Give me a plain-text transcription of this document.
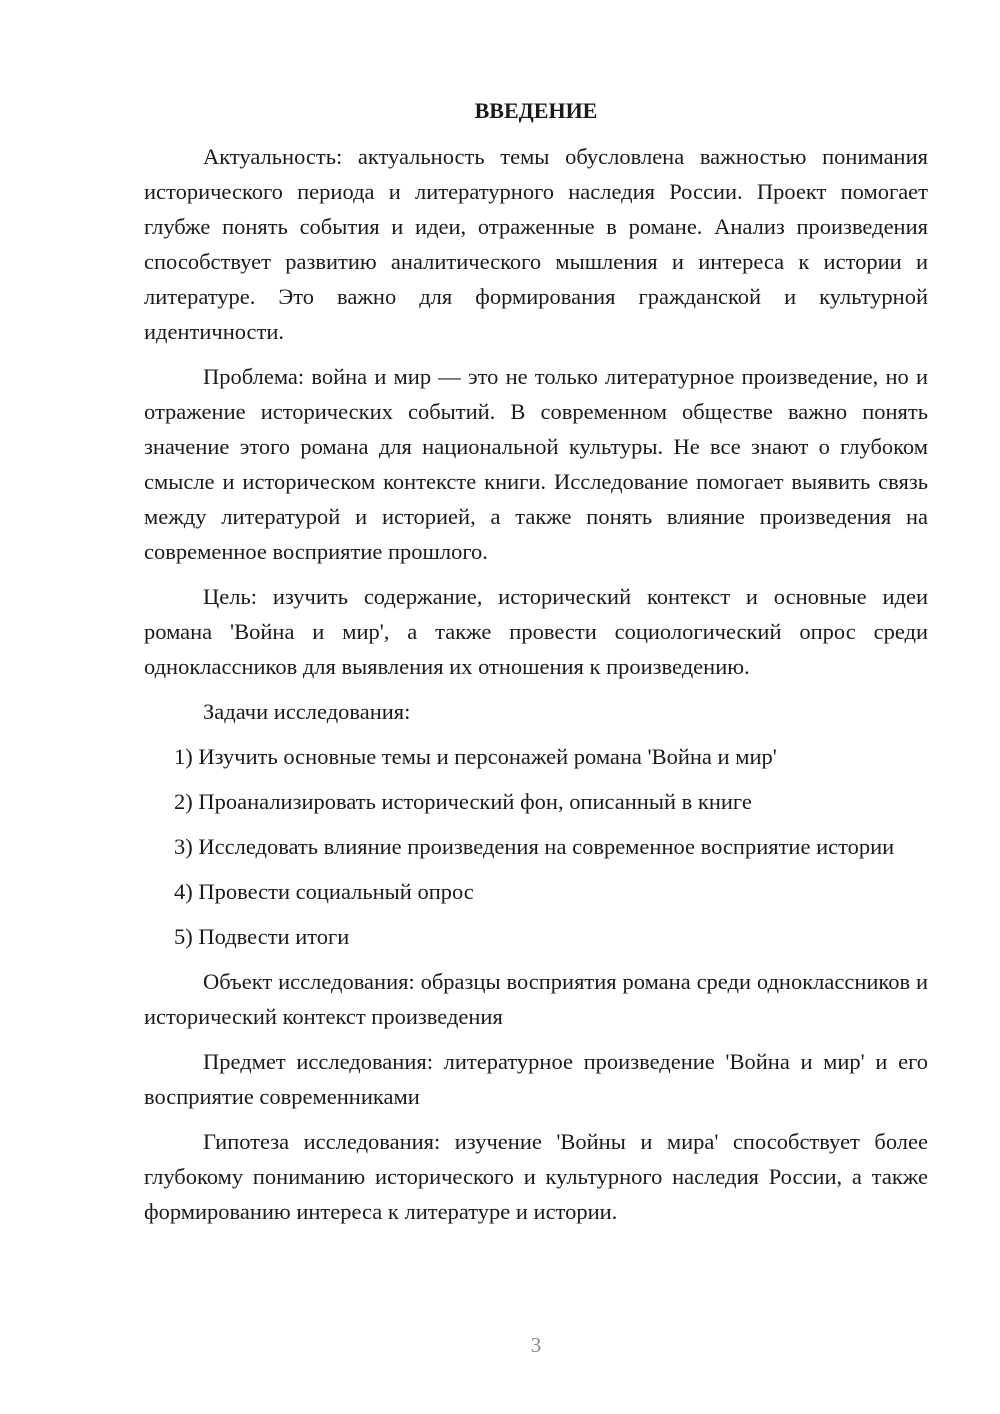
ВВЕДЕНИЕ

Актуальность: актуальность темы обусловлена важностью понимания исторического периода и литературного наследия России. Проект помогает глубже понять события и идеи, отраженные в романе. Анализ произведения способствует развитию аналитического мышления и интереса к истории и литературе. Это важно для формирования гражданской и культурной идентичности.

Проблема: война и мир — это не только литературное произведение, но и отражение исторических событий. В современном обществе важно понять значение этого романа для национальной культуры. Не все знают о глубоком смысле и историческом контексте книги. Исследование помогает выявить связь между литературой и историей, а также понять влияние произведения на современное восприятие прошлого.

Цель: изучить содержание, исторический контекст и основные идеи романа 'Война и мир', а также провести социологический опрос среди одноклассников для выявления их отношения к произведению.

Задачи исследования:

1) Изучить основные темы и персонажей романа 'Война и мир'

2) Проанализировать исторический фон, описанный в книге

3) Исследовать влияние произведения на современное восприятие истории

4) Провести социальный опрос

5) Подвести итоги

Объект исследования: образцы восприятия романа среди одноклассников и исторический контекст произведения

Предмет исследования: литературное произведение 'Война и мир' и его восприятие современниками

Гипотеза исследования: изучение 'Войны и мира' способствует более глубокому пониманию исторического и культурного наследия России, а также формированию интереса к литературе и истории.

3
